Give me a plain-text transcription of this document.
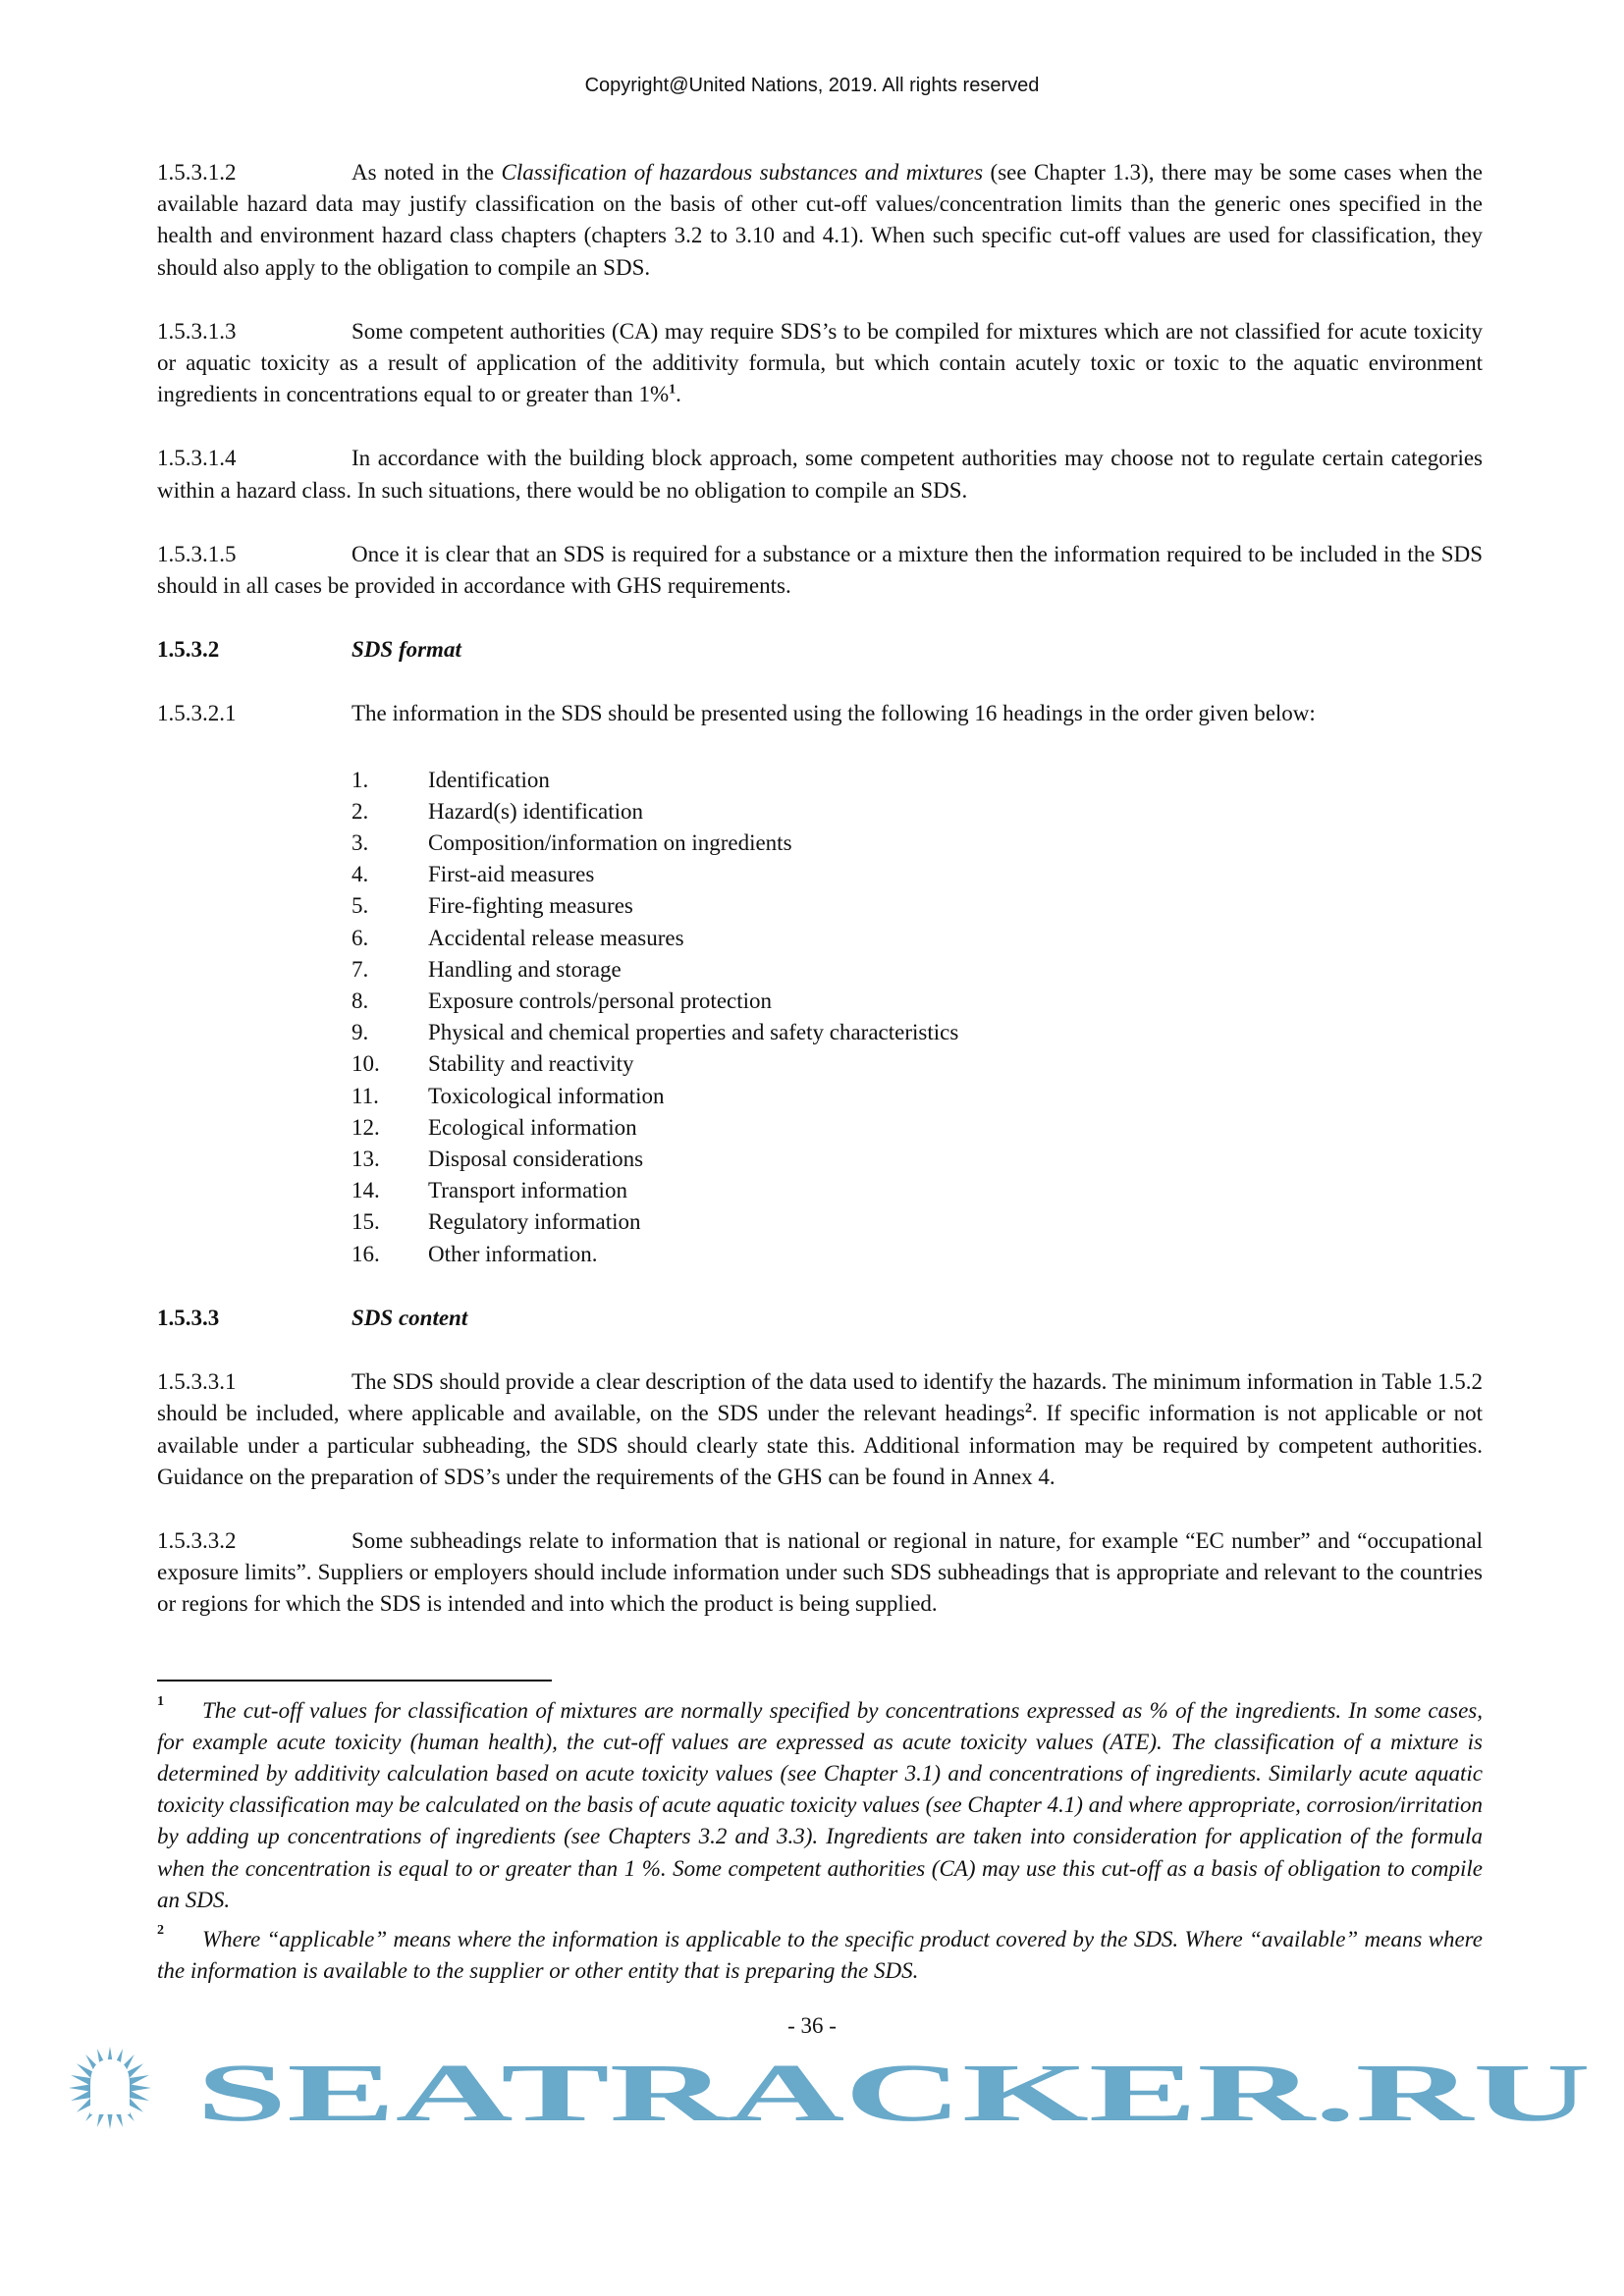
Copyright@United Nations, 2019. All rights reserved
1.5.3.1.2	As noted in the Classification of hazardous substances and mixtures (see Chapter 1.3), there may be some cases when the available hazard data may justify classification on the basis of other cut-off values/concentration limits than the generic ones specified in the health and environment hazard class chapters (chapters 3.2 to 3.10 and 4.1). When such specific cut-off values are used for classification, they should also apply to the obligation to compile an SDS.
1.5.3.1.3	Some competent authorities (CA) may require SDS’s to be compiled for mixtures which are not classified for acute toxicity or aquatic toxicity as a result of application of the additivity formula, but which contain acutely toxic or toxic to the aquatic environment ingredients in concentrations equal to or greater than 1%$^1$.
1.5.3.1.4	In accordance with the building block approach, some competent authorities may choose not to regulate certain categories within a hazard class. In such situations, there would be no obligation to compile an SDS.
1.5.3.1.5	Once it is clear that an SDS is required for a substance or a mixture then the information required to be included in the SDS should in all cases be provided in accordance with GHS requirements.
1.5.3.2	SDS format
1.5.3.2.1	The information in the SDS should be presented using the following 16 headings in the order given below:
1.	Identification
2.	Hazard(s) identification
3.	Composition/information on ingredients
4.	First-aid measures
5.	Fire-fighting measures
6.	Accidental release measures
7.	Handling and storage
8.	Exposure controls/personal protection
9.	Physical and chemical properties and safety characteristics
10. Stability and reactivity
11. Toxicological information
12. Ecological information
13. Disposal considerations
14. Transport information
15. Regulatory information
16. Other information.
1.5.3.3	SDS content
1.5.3.3.1	The SDS should provide a clear description of the data used to identify the hazards. The minimum information in Table 1.5.2 should be included, where applicable and available, on the SDS under the relevant headings$^2$. If specific information is not applicable or not available under a particular subheading, the SDS should clearly state this. Additional information may be required by competent authorities. Guidance on the preparation of SDS’s under the requirements of the GHS can be found in Annex 4.
1.5.3.3.2	Some subheadings relate to information that is national or regional in nature, for example “EC number” and “occupational exposure limits”. Suppliers or employers should include information under such SDS subheadings that is appropriate and relevant to the countries or regions for which the SDS is intended and into which the product is being supplied.
$^1$ The cut-off values for classification of mixtures are normally specified by concentrations expressed as % of the ingredients. In some cases, for example acute toxicity (human health), the cut-off values are expressed as acute toxicity values (ATE). The classification of a mixture is determined by additivity calculation based on acute toxicity values (see Chapter 3.1) and concentrations of ingredients. Similarly acute aquatic toxicity classification may be calculated on the basis of acute aquatic toxicity values (see Chapter 4.1) and where appropriate, corrosion/irritation by adding up concentrations of ingredients (see Chapters 3.2 and 3.3). Ingredients are taken into consideration for application of the formula when the concentration is equal to or greater than 1 %. Some competent authorities (CA) may use this cut-off as a basis of obligation to compile an SDS.
$^2$ Where “applicable” means where the information is applicable to the specific product covered by the SDS. Where “available” means where the information is available to the supplier or other entity that is preparing the SDS.
- 36 -
SEATRACKER.RU
